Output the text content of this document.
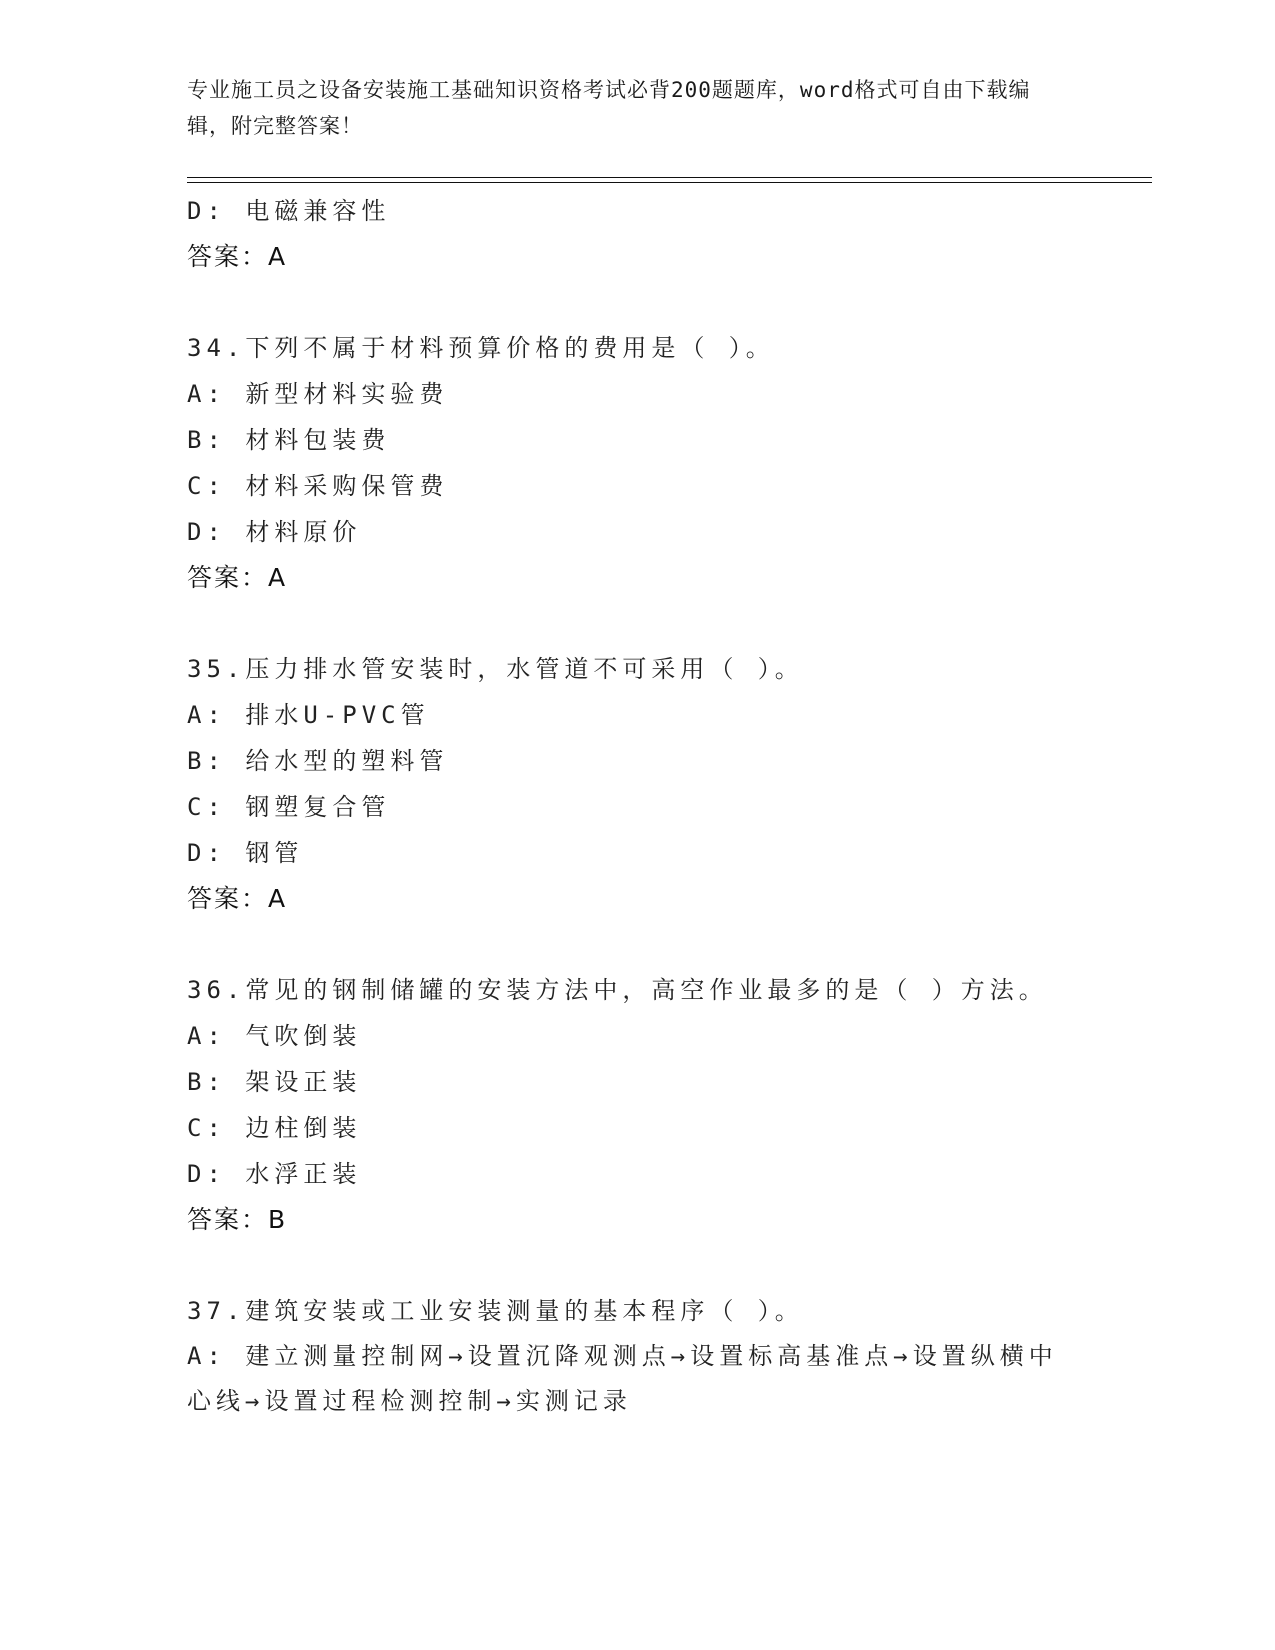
专业施工员之设备安装施工基础知识资格考试必背200题题库，word格式可自由下载编辑，附完整答案！
D: 电磁兼容性
答案：A
34.下列不属于材料预算价格的费用是（ ）。
A: 新型材料实验费
B: 材料包装费
C: 材料采购保管费
D: 材料原价
答案：A
35.压力排水管安装时，水管道不可采用（ ）。
A: 排水U-PVC管
B: 给水型的塑料管
C: 钢塑复合管
D: 钢管
答案：A
36.常见的钢制储罐的安装方法中，高空作业最多的是（ ）方法。
A: 气吹倒装
B: 架设正装
C: 边柱倒装
D: 水浮正装
答案：B
37.建筑安装或工业安装测量的基本程序（ ）。
A: 建立测量控制网→设置沉降观测点→设置标高基准点→设置纵横中心线→设置过程检测控制→实测记录
